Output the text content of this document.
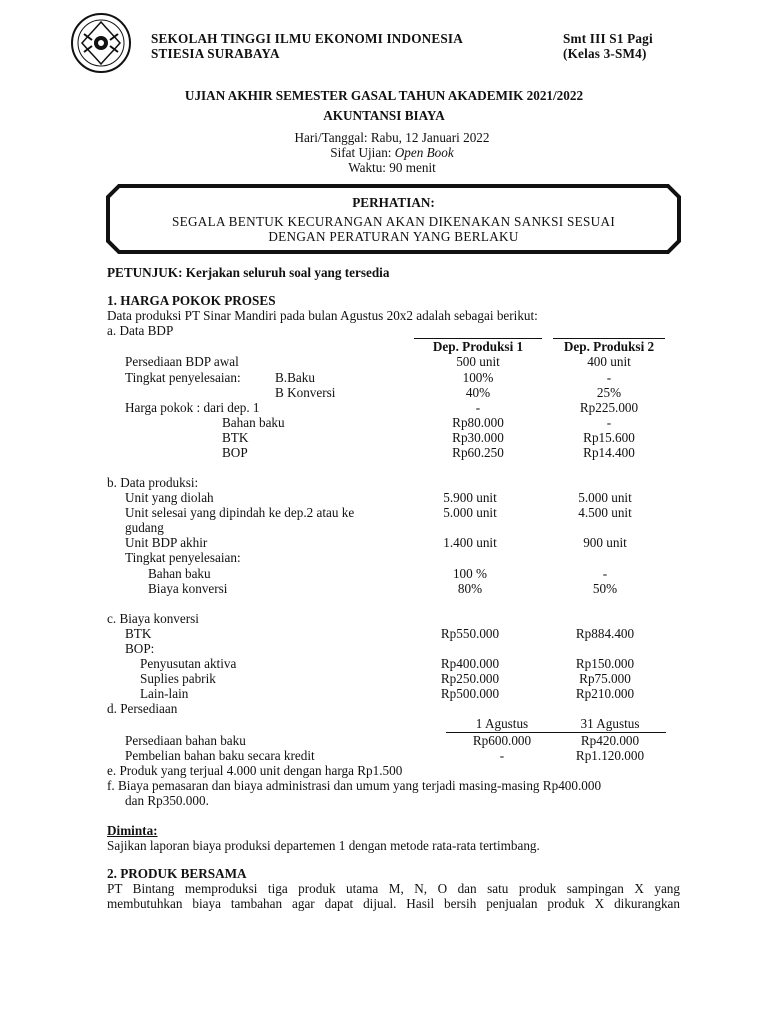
SEKOLAH TINGGI ILMU EKONOMI INDONESIA
STIESIA SURABAYA
Smt III S1 Pagi
(Kelas 3-SM4)
UJIAN AKHIR SEMESTER GASAL TAHUN AKADEMIK 2021/2022
AKUNTANSI BIAYA
Hari/Tanggal: Rabu, 12 Januari 2022
Sifat Ujian: Open Book
Waktu: 90 menit
PERHATIAN:
SEGALA BENTUK KECURANGAN AKAN DIKENAKAN SANKSI SESUAI
DENGAN PERATURAN YANG BERLAKU
PETUNJUK: Kerjakan seluruh soal yang tersedia
1. HARGA POKOK PROSES
Data produksi PT Sinar Mandiri pada bulan Agustus 20x2 adalah sebagai berikut:
a. Data BDP
Dep. Produksi 1	Dep. Produksi 2
Persediaan BDP awal	500 unit	400 unit
Tingkat penyelesaian:	B.Baku	100%	-
B Konversi	40%	25%
Harga pokok : dari dep. 1	-	Rp225.000
Bahan baku	Rp80.000	-
BTK	Rp30.000	Rp15.600
BOP	Rp60.250	Rp14.400
b. Data produksi:
Unit yang diolah	5.900 unit	5.000 unit
Unit selesai yang dipindah ke dep.2 atau ke	5.000 unit	4.500 unit
gudang
Unit BDP akhir	1.400 unit	900 unit
Tingkat penyelesaian:
Bahan baku	100 %	-
Biaya konversi	80%	50%
c. Biaya konversi
BTK	Rp550.000	Rp884.400
BOP:
Penyusutan aktiva	Rp400.000	Rp150.000
Suplies pabrik	Rp250.000	Rp75.000
Lain-lain	Rp500.000	Rp210.000
d. Persediaan
1 Agustus	31 Agustus
Persediaan bahan baku	Rp600.000	Rp420.000
Pembelian bahan baku secara kredit	-	Rp1.120.000
e. Produk yang terjual 4.000 unit dengan harga Rp1.500
f. Biaya pemasaran dan biaya administrasi dan umum yang terjadi masing-masing Rp400.000
dan Rp350.000.
Diminta:
Sajikan laporan biaya produksi departemen 1 dengan metode rata-rata tertimbang.
2. PRODUK BERSAMA
PT Bintang memproduksi tiga produk utama M, N, O dan satu produk sampingan X yang
membutuhkan biaya tambahan agar dapat dijual. Hasil bersih penjualan produk X dikurangkan
